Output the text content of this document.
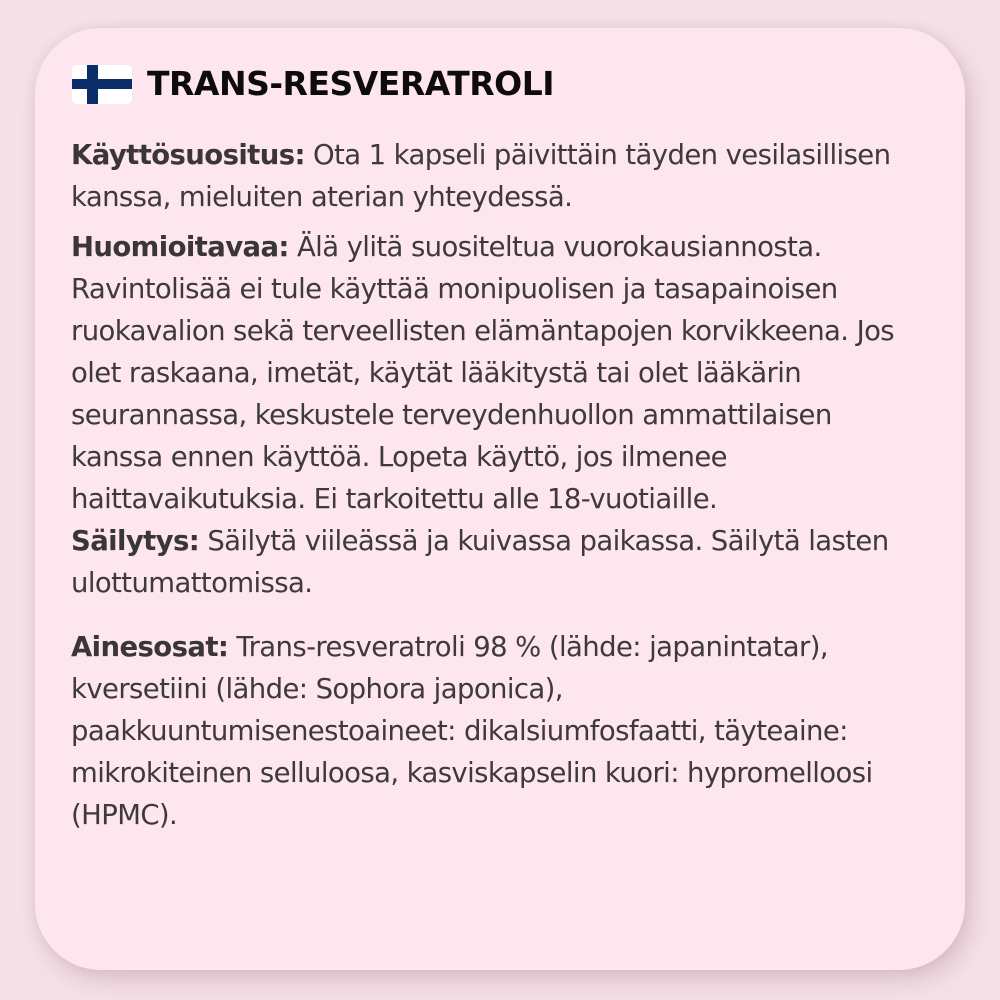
TRANS-RESVERATROLI

Käyttösuositus: Ota 1 kapseli päivittäin täyden vesilasillisen kanssa, mieluiten aterian yhteydessä.

Huomioitavaa: Älä ylitä suositeltua vuorokausiannosta. Ravintolisää ei tule käyttää monipuolisen ja tasapainoisen ruokavalion sekä terveellisten elämäntapojen korvikkeena. Jos olet raskaana, imetät, käytät lääkitystä tai olet lääkärin seurannassa, keskustele terveydenhuollon ammattilaisen kanssa ennen käyttöä. Lopeta käyttö, jos ilmenee haittavaikutuksia. Ei tarkoitettu alle 18-vuotiaille.

Säilytys: Säilytä viileässä ja kuivassa paikassa. Säilytä lasten ulottumattomissa.

Ainesosat: Trans-resveratroli 98 % (lähde: japanintatar), kversetiini (lähde: Sophora japonica), paakkuuntumisenestoaineet: dikalsiumfosfaatti, täyteaine: mikrokiteinen selluloosa, kasviskapselin kuori: hypromelloosi (HPMC).
